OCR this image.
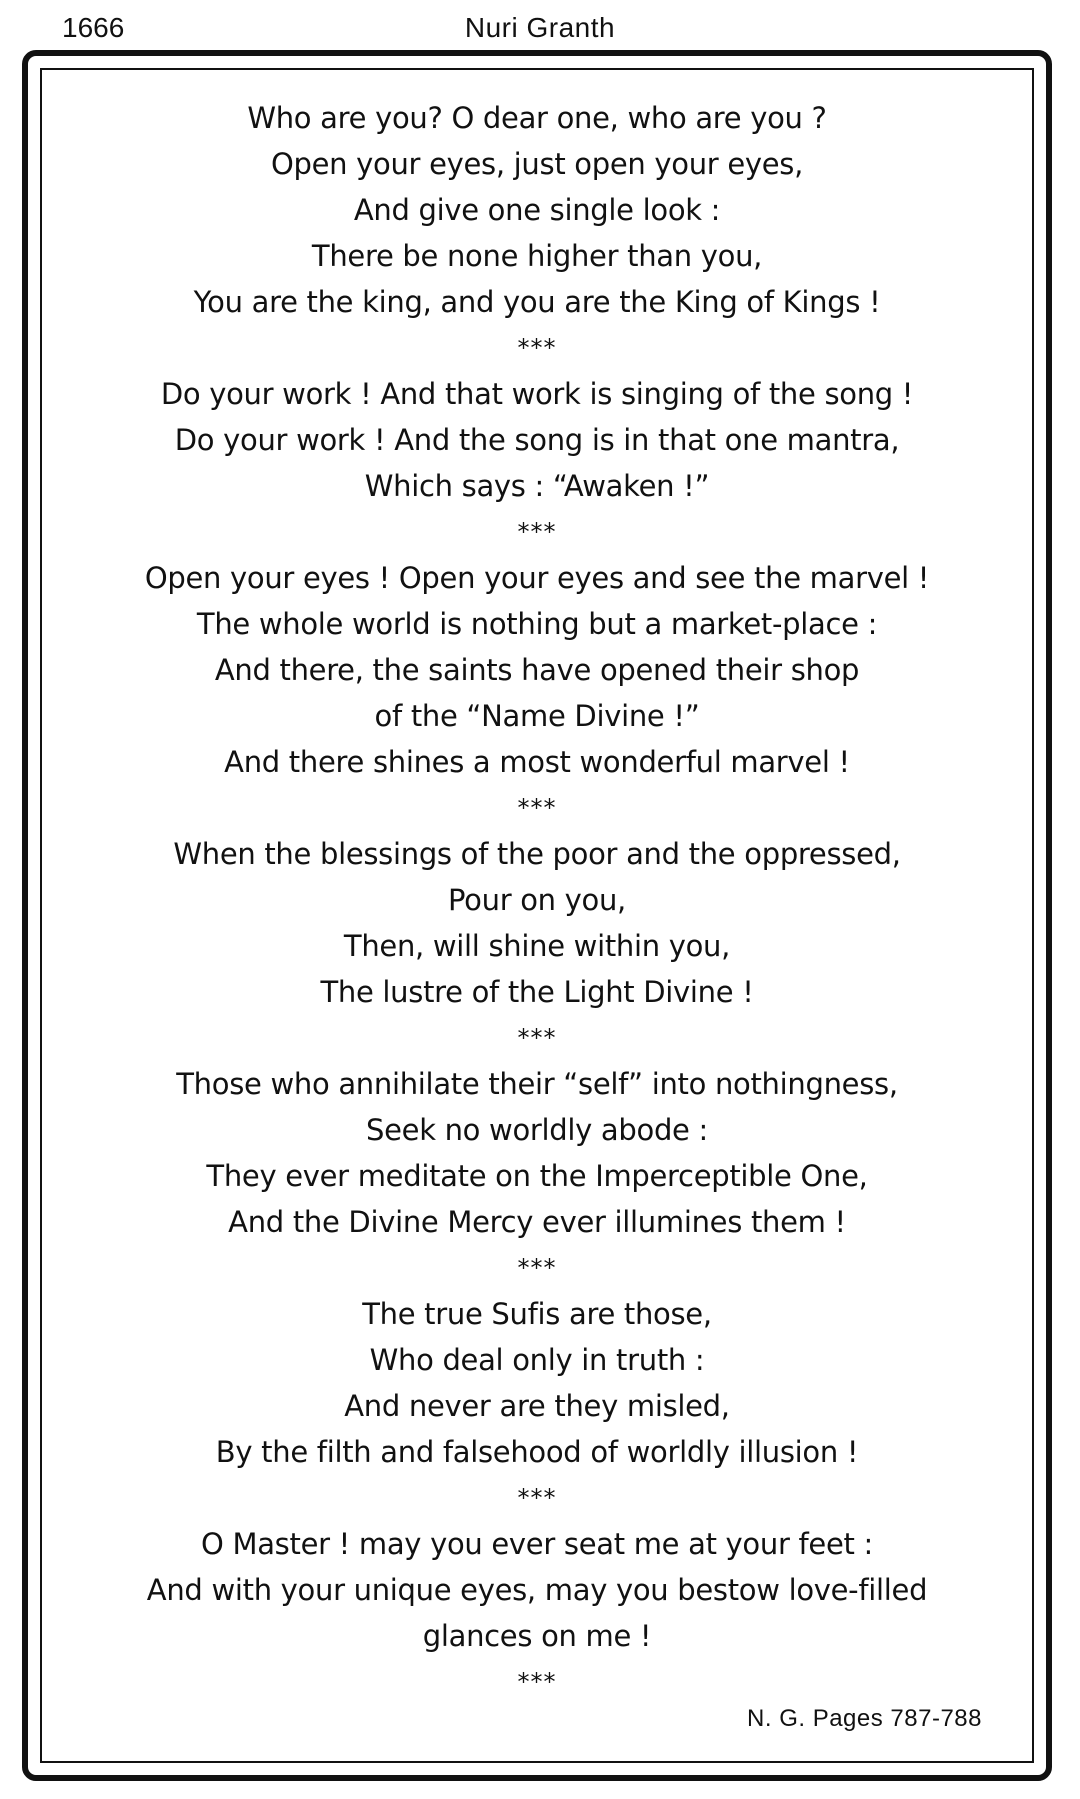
1666	Nuri Granth
Who are you? O dear one, who are you ?
Open your eyes, just open your eyes,
And give one single look :
There be none higher than you,
You are the king, and you are the King of Kings !
***
Do your work ! And that work is singing of the song !
Do your work ! And the song is in that one mantra,
Which says : “Awaken !”
***
Open your eyes ! Open your eyes and see the marvel !
The whole world is nothing but a market-place :
And there, the saints have opened their shop
of the “Name Divine !”
And there shines a most wonderful marvel !
***
When the blessings of the poor and the oppressed,
Pour on you,
Then, will shine within you,
The lustre of the Light Divine !
***
Those who annihilate their “self” into nothingness,
Seek no worldly abode :
They ever meditate on the Imperceptible One,
And the Divine Mercy ever illumines them !
***
The true Sufis are those,
Who deal only in truth :
And never are they misled,
By the filth and falsehood of worldly illusion !
***
O Master ! may you ever seat me at your feet :
And with your unique eyes, may you bestow love-filled
glances on me !
***
N. G. Pages 787-788
